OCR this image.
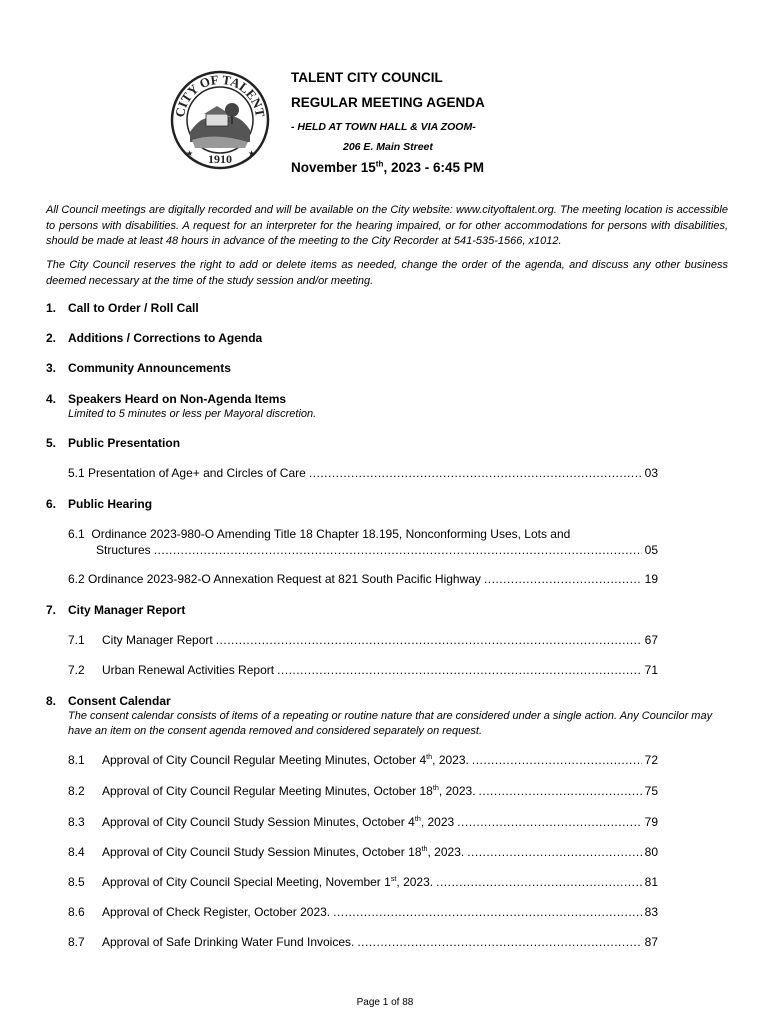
CITY OF TALENT
1910
★	★
TALENT CITY COUNCIL
REGULAR MEETING AGENDA
- HELD AT TOWN HALL & VIA ZOOM-
206 E. Main Street
November 15th, 2023 - 6:45 PM
All Council meetings are digitally recorded and will be available on the City website: www.cityoftalent.org. The meeting location is accessible to persons with disabilities. A request for an interpreter for the hearing impaired, or for other accommodations for persons with disabilities, should be made at least 48 hours in advance of the meeting to the City Recorder at 541-535-1566, x1012.
The City Council reserves the right to add or delete items as needed, change the order of the agenda, and discuss any other business deemed necessary at the time of the study session and/or meeting.
1. Call to Order / Roll Call
2. Additions / Corrections to Agenda
3. Community Announcements
4. Speakers Heard on Non-Agenda Items
Limited to 5 minutes or less per Mayoral discretion.
5. Public Presentation
5.1 Presentation of Age+ and Circles of Care .....	03
6. Public Hearing
6.1 Ordinance 2023-980-O Amending Title 18 Chapter 18.195, Nonconforming Uses, Lots and
Structures .....	05
6.2 Ordinance 2023-982-O Annexation Request at 821 South Pacific Highway .....	19
7. City Manager Report
7.1	City Manager Report .....	67
7.2	Urban Renewal Activities Report .....	71
8. Consent Calendar
The consent calendar consists of items of a repeating or routine nature that are considered under a single action. Any Councilor may have an item on the consent agenda removed and considered separately on request.
8.1	Approval of City Council Regular Meeting Minutes, October 4th, 2023. .....	72
8.2	Approval of City Council Regular Meeting Minutes, October 18th, 2023. .....	75
8.3	Approval of City Council Study Session Minutes, October 4th, 2023 .....	79
8.4	Approval of City Council Study Session Minutes, October 18th, 2023. .....	80
8.5	Approval of City Council Special Meeting, November 1st, 2023. .....	81
8.6	Approval of Check Register, October 2023. .....	83
8.7	Approval of Safe Drinking Water Fund Invoices. .....	87
Page 1 of 88
